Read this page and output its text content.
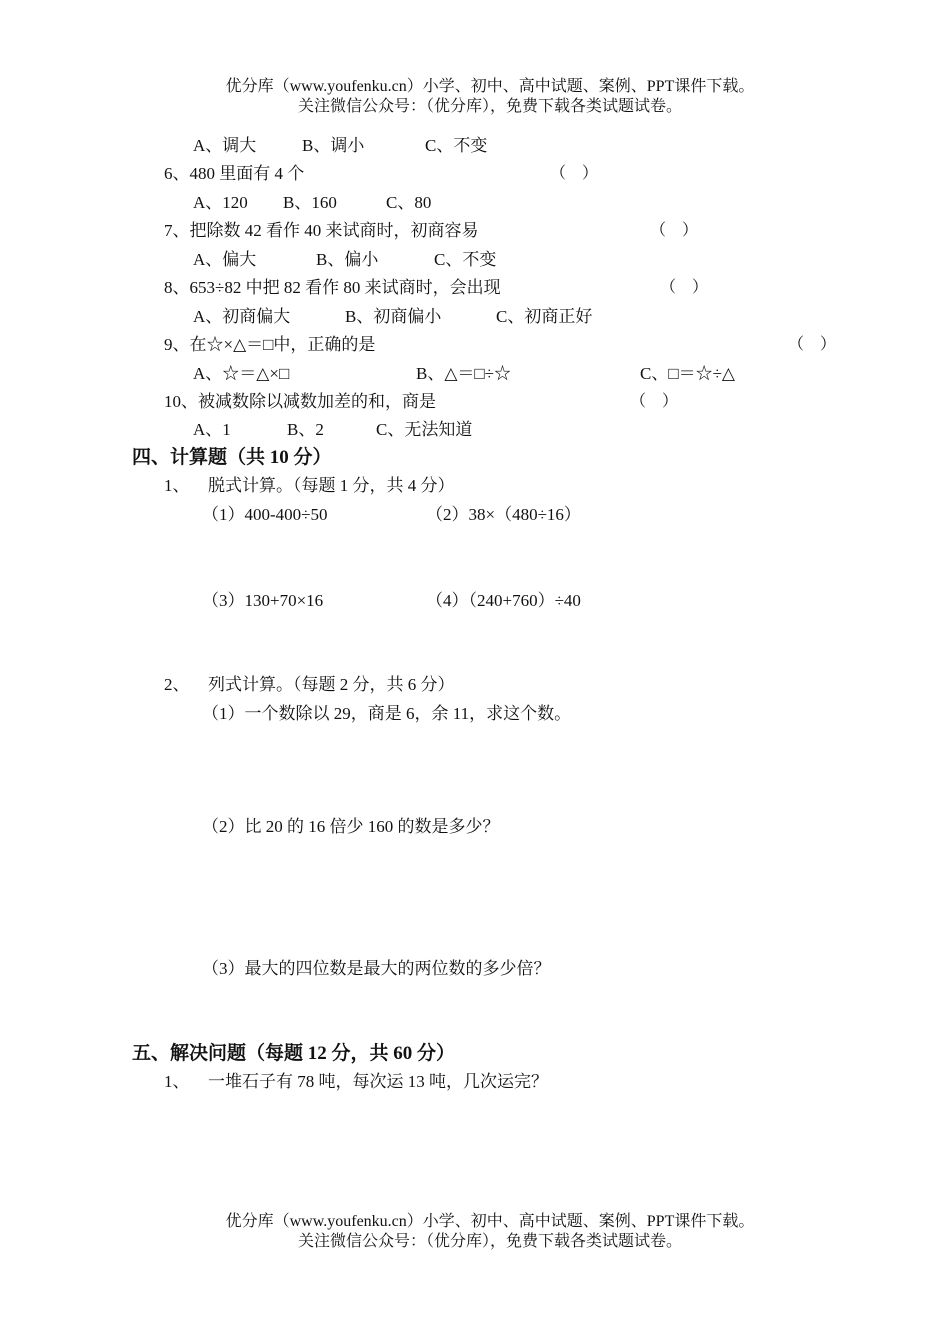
优分库（www.youfenku.cn）小学、初中、高中试题、案例、PPT课件下载。
关注微信公众号：（优分库），免费下载各类试题试卷。
A、调大	B、调小	C、不变
6、480 里面有 4 个	（　）
A、120 B、160	C、80
7、把除数 42 看作 40 来试商时，初商容易	（　）
A、偏大	B、偏小	C、不变
8、653÷82 中把 82 看作 80 来试商时，会出现	（　）
A、初商偏大	B、初商偏小	C、初商正好
9、在☆×△＝□中，正确的是	（　）
A、☆＝△×□	B、△＝□÷☆	C、□＝☆÷△
10、被减数除以减数加差的和，商是	（　）
A、1	B、2	C、无法知道
四、计算题（共 10 分）
1、 脱式计算。（每题 1 分，共 4 分）
（1）400-400÷50	（2）38×（480÷16）
（3）130+70×16	（4）（240+760）÷40
2、 列式计算。（每题 2 分，共 6 分）
（1）一个数除以 29，商是 6，余 11，求这个数。
（2）比 20 的 16 倍少 160 的数是多少？
（3）最大的四位数是最大的两位数的多少倍？
五、解决问题（每题 12 分，共 60 分）
1、 一堆石子有 78 吨，每次运 13 吨，几次运完？
优分库（www.youfenku.cn）小学、初中、高中试题、案例、PPT课件下载。
关注微信公众号：（优分库），免费下载各类试题试卷。
